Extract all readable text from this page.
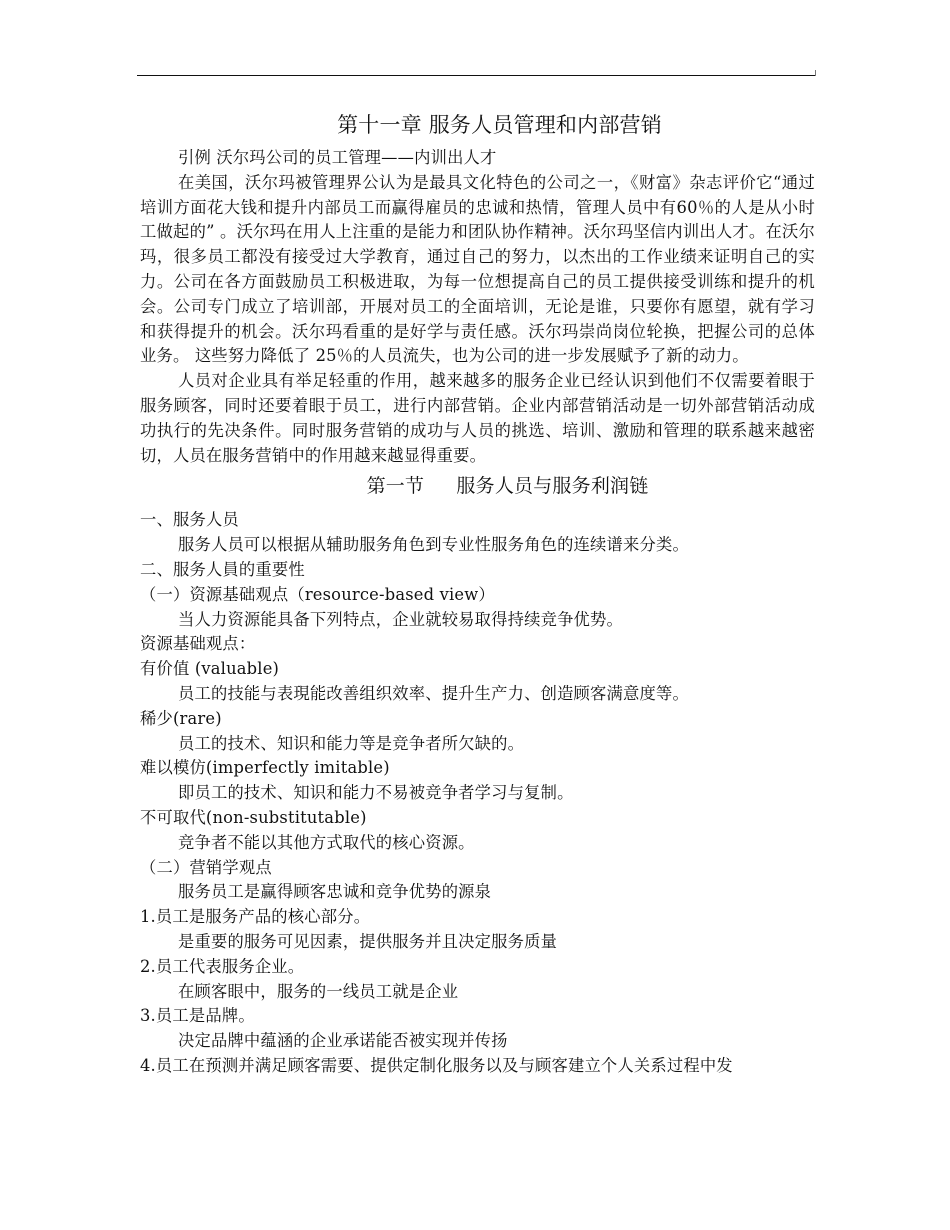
第十一章 服务人员管理和内部营销

引例 沃尔玛公司的员工管理——内训出人才

在美国，沃尔玛被管理界公认为是最具文化特色的公司之一，《财富》杂志评价它“通过培训方面花大钱和提升内部员工而赢得雇员的忠诚和热情，管理人员中有60％的人是从小时工做起的” 。沃尔玛在用人上注重的是能力和团队协作精神。沃尔玛坚信内训出人才。在沃尔玛，很多员工都没有接受过大学教育，通过自己的努力，以杰出的工作业绩来证明自己的实力。公司在各方面鼓励员工积极进取，为每一位想提高自己的员工提供接受训练和提升的机会。公司专门成立了培训部，开展对员工的全面培训，无论是谁，只要你有愿望，就有学习和获得提升的机会。沃尔玛看重的是好学与责任感。沃尔玛崇尚岗位轮换，把握公司的总体业务。 这些努力降低了 25％的人员流失，也为公司的进一步发展赋予了新的动力。

人员对企业具有举足轻重的作用，越来越多的服务企业已经认识到他们不仅需要着眼于服务顾客，同时还要着眼于员工，进行内部营销。企业内部营销活动是一切外部营销活动成功执行的先决条件。同时服务营销的成功与人员的挑选、培训、激励和管理的联系越来越密切，人员在服务营销中的作用越来越显得重要。

第一节 服务人员与服务利润链

一、服务人员

服务人员可以根据从辅助服务角色到专业性服务角色的连续谱来分类。

二、服务人員的重要性

（一）资源基础观点（resource-based view）

当人力资源能具备下列特点，企业就较易取得持续竞争优势。

资源基础观点：

有价值 (valuable)

员工的技能与表現能改善组织效率、提升生产力、创造顾客满意度等。

稀少(rare)

员工的技术、知识和能力等是竞争者所欠缺的。

难以模仿(imperfectly imitable)

即员工的技术、知识和能力不易被竞争者学习与复制。

不可取代(non-substitutable)

竞争者不能以其他方式取代的核心资源。

（二）营销学观点

服务员工是赢得顾客忠诚和竞争优势的源泉

1.员工是服务产品的核心部分。

是重要的服务可见因素，提供服务并且决定服务质量

2.员工代表服务企业。

在顾客眼中，服务的一线员工就是企业

3.员工是品牌。

决定品牌中蕴涵的企业承诺能否被实现并传扬

4.员工在预测并满足顾客需要、提供定制化服务以及与顾客建立个人关系过程中发
